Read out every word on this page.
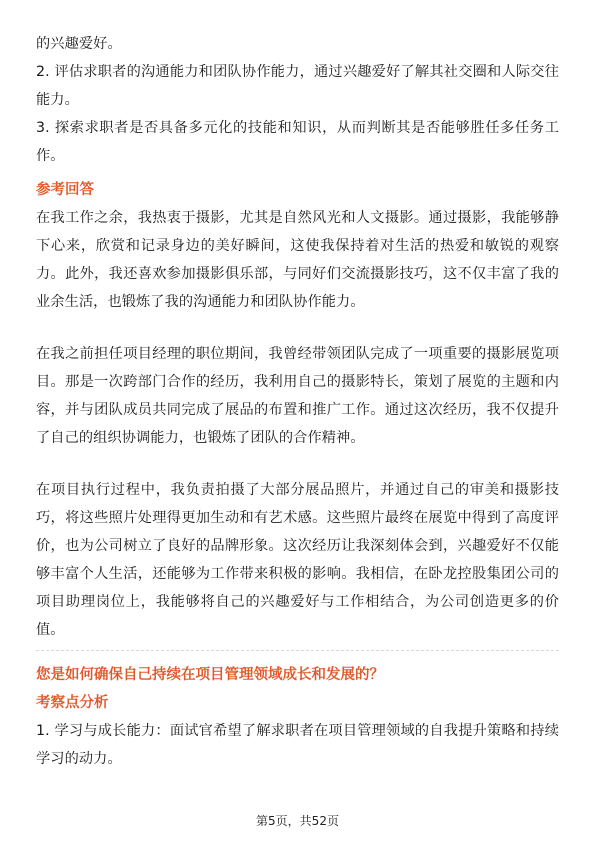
的兴趣爱好。

2. 评估求职者的沟通能力和团队协作能力，通过兴趣爱好了解其社交圈和人际交往能力。

3. 探索求职者是否具备多元化的技能和知识，从而判断其是否能够胜任多任务工作。

参考回答

在我工作之余，我热衷于摄影，尤其是自然风光和人文摄影。通过摄影，我能够静下心来，欣赏和记录身边的美好瞬间，这使我保持着对生活的热爱和敏锐的观察力。此外，我还喜欢参加摄影俱乐部，与同好们交流摄影技巧，这不仅丰富了我的业余生活，也锻炼了我的沟通能力和团队协作能力。

在我之前担任项目经理的职位期间，我曾经带领团队完成了一项重要的摄影展览项目。那是一次跨部门合作的经历，我利用自己的摄影特长，策划了展览的主题和内容，并与团队成员共同完成了展品的布置和推广工作。通过这次经历，我不仅提升了自己的组织协调能力，也锻炼了团队的合作精神。

在项目执行过程中，我负责拍摄了大部分展品照片，并通过自己的审美和摄影技巧，将这些照片处理得更加生动和有艺术感。这些照片最终在展览中得到了高度评价，也为公司树立了良好的品牌形象。这次经历让我深刻体会到，兴趣爱好不仅能够丰富个人生活，还能够为工作带来积极的影响。我相信，在卧龙控股集团公司的项目助理岗位上，我能够将自己的兴趣爱好与工作相结合，为公司创造更多的价值。

您是如何确保自己持续在项目管理领域成长和发展的？

考察点分析

1. 学习与成长能力：面试官希望了解求职者在项目管理领域的自我提升策略和持续学习的动力。

第5页，共52页
